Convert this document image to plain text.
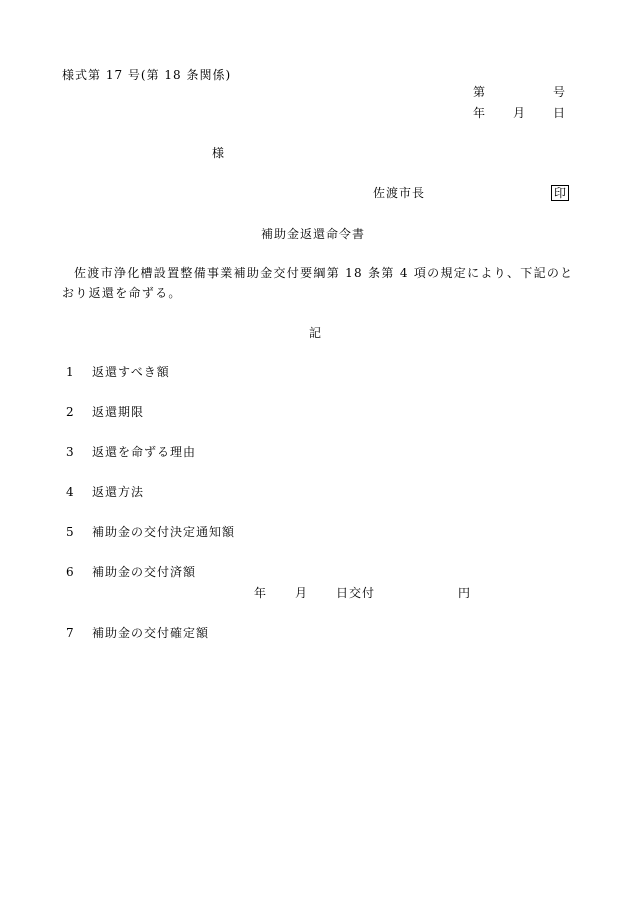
様式第 17 号(第 18 条関係)
第	号
年 月 日
様
佐渡市長	印
補助金返還命令書
佐渡市浄化槽設置整備事業補助金交付要綱第 18 条第 4 項の規定により、下記のとおり返還を命ずる。
記
1 返還すべき額
2 返還期限
3 返還を命ずる理由
4 返還方法
5 補助金の交付決定通知額
6 補助金の交付済額
年 月 日交付	円
7 補助金の交付確定額
